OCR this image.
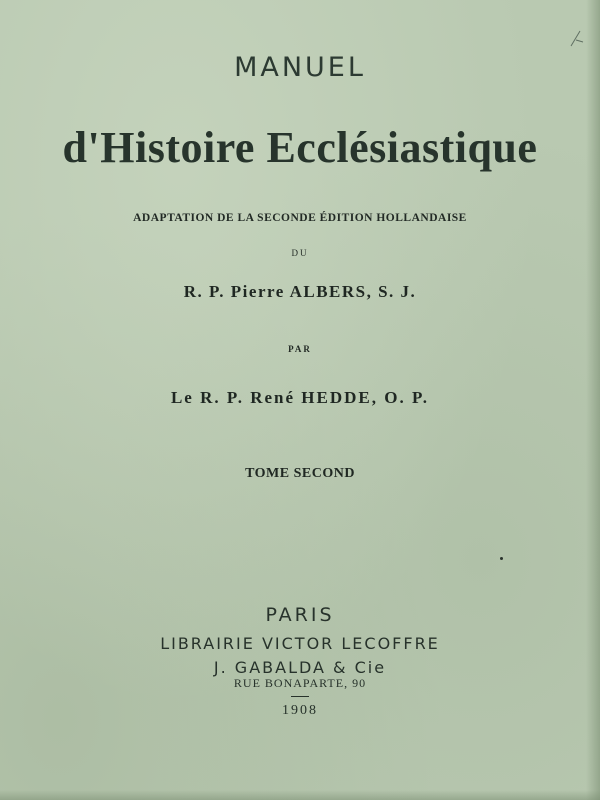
MANUEL
d'Histoire Ecclésiastique
ADAPTATION DE LA SECONDE ÉDITION HOLLANDAISE
DU
R. P. Pierre ALBERS, S. J.
PAR
Le R. P. René HEDDE, O. P.
TOME SECOND
PARIS
LIBRAIRIE VICTOR LECOFFRE
J. GABALDA & Cie
RUE BONAPARTE, 90
1908
